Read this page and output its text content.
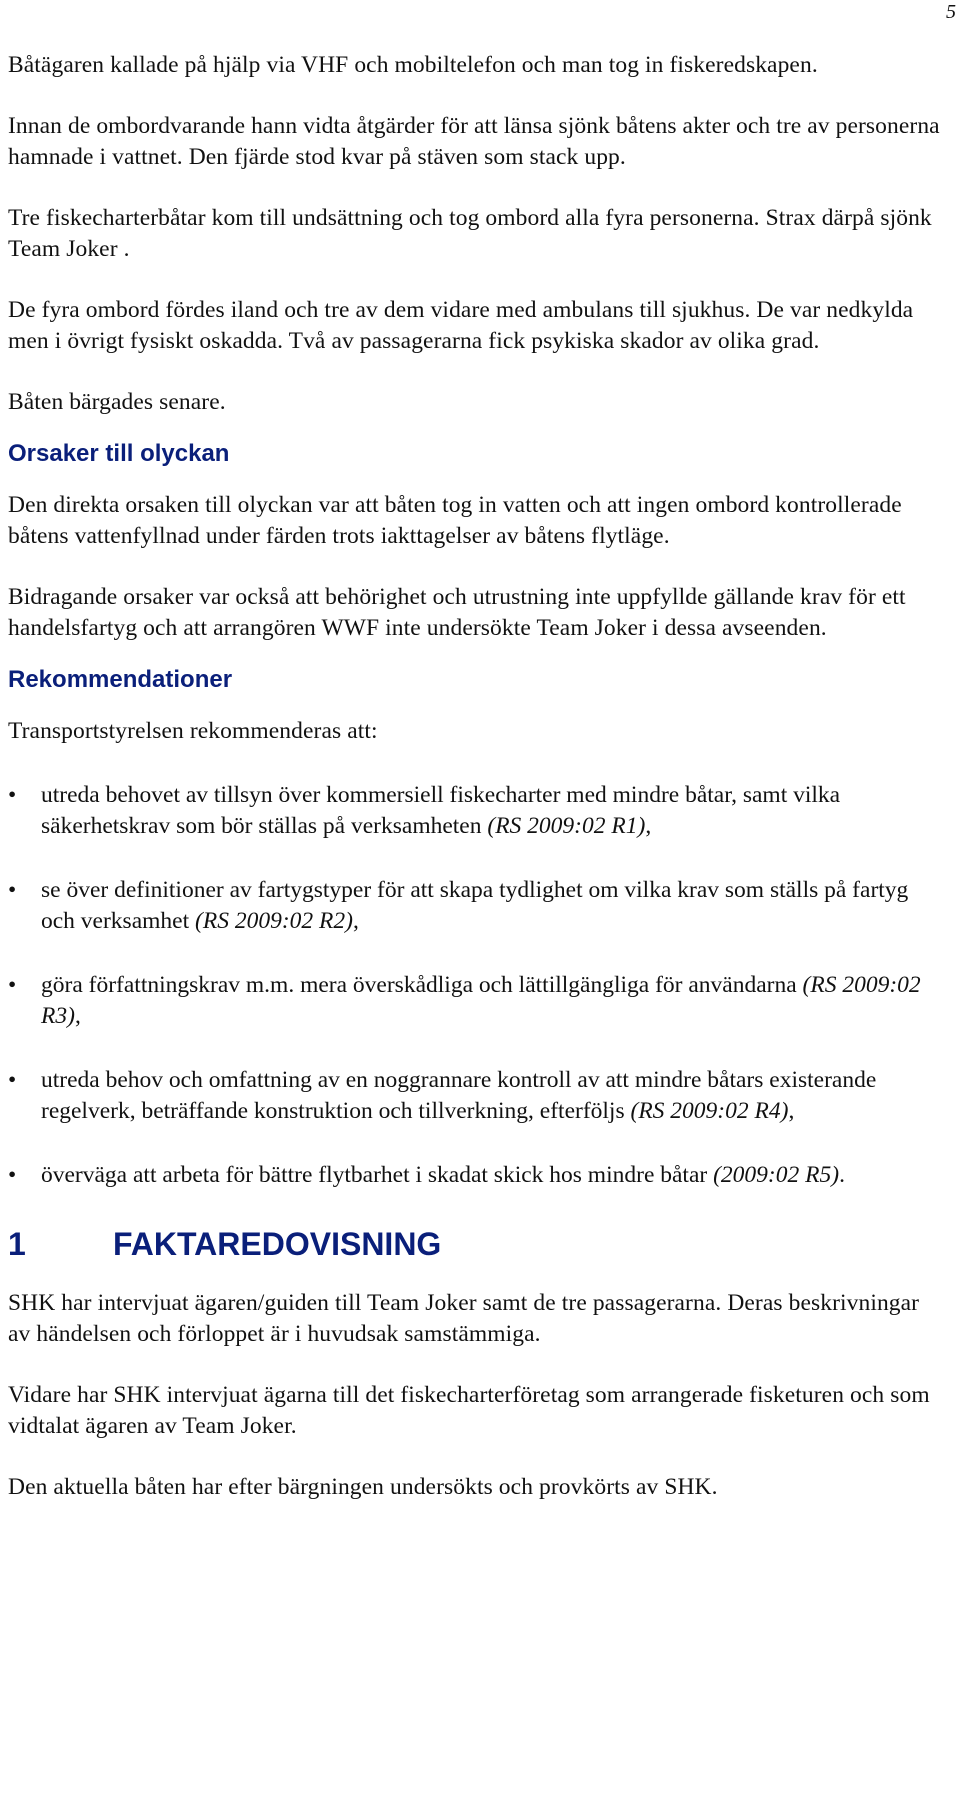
5

Båtägaren kallade på hjälp via VHF och mobiltelefon och man tog in fiskeredskapen.

Innan de ombordvarande hann vidta åtgärder för att länsa sjönk båtens akter och tre av personerna hamnade i vattnet. Den fjärde stod kvar på stäven som stack upp.

Tre fiskecharterbåtar kom till undsättning och tog ombord alla fyra personerna. Strax därpå sjönk Team Joker .

De fyra ombord fördes iland och tre av dem vidare med ambulans till sjukhus. De var nedkylda men i övrigt fysiskt oskadda. Två av passagerarna fick psykiska skador av olika grad.

Båten bärgades senare.

Orsaker till olyckan

Den direkta orsaken till olyckan var att båten tog in vatten och att ingen ombord kontrollerade båtens vattenfyllnad under färden trots iakttagelser av båtens flytläge.

Bidragande orsaker var också att behörighet och utrustning inte uppfyllde gällande krav för ett handelsfartyg och att arrangören WWF inte undersökte Team Joker i dessa avseenden.

Rekommendationer

Transportstyrelsen rekommenderas att:

• utreda behovet av tillsyn över kommersiell fiskecharter med mindre båtar, samt vilka säkerhetskrav som bör ställas på verksamheten (RS 2009:02 R1),
• se över definitioner av fartygstyper för att skapa tydlighet om vilka krav som ställs på fartyg och verksamhet (RS 2009:02 R2),
• göra författningskrav m.m. mera överskådliga och lättillgängliga för användarna (RS 2009:02 R3),
• utreda behov och omfattning av en noggrannare kontroll av att mindre båtars existerande regelverk, beträffande konstruktion och tillverkning, efterföljs (RS 2009:02 R4),
• överväga att arbeta för bättre flytbarhet i skadat skick hos mindre båtar (2009:02 R5).
1	FAKTAREDOVISNING

SHK har intervjuat ägaren/guiden till Team Joker samt de tre passagerarna. Deras beskrivningar av händelsen och förloppet är i huvudsak samstämmiga.

Vidare har SHK intervjuat ägarna till det fiskecharterföretag som arrangerade fisketuren och som vidtalat ägaren av Team Joker.

Den aktuella båten har efter bärgningen undersökts och provkörts av SHK.
